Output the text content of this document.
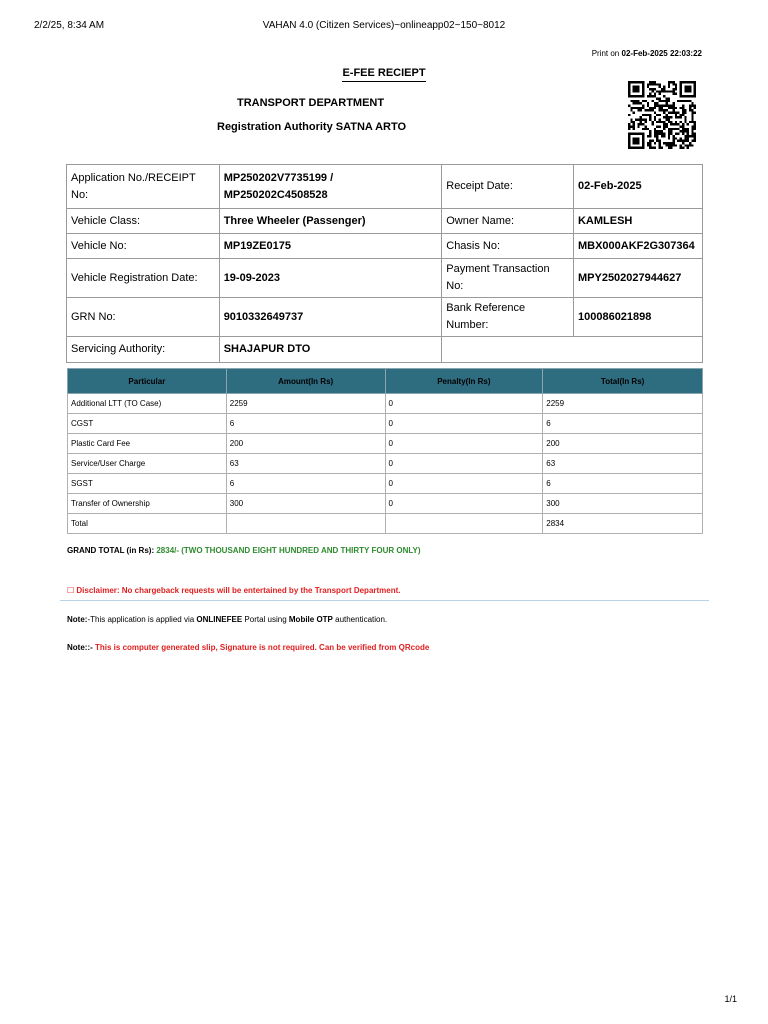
2/2/25, 8:34 AM	VAHAN 4.0 (Citizen Services)~onlineapp02~150~8012
Print on 02-Feb-2025 22:03:22
E-FEE RECIEPT
TRANSPORT DEPARTMENT
Registration Authority SATNA ARTO
Application No./RECEIPT No:	MP250202V7735199 /
MP250202C4508528	Receipt Date:	02-Feb-2025
Vehicle Class:	Three Wheeler (Passenger)	Owner Name:	KAMLESH
Vehicle No:	MP19ZE0175	Chasis No:	MBX000AKF2G307364
Vehicle Registration Date:	19-09-2023	Payment Transaction No:	MPY2502027944627
GRN No:	9010332649737	Bank Reference Number:	100086021898
Servicing Authority:	SHAJAPUR DTO		
Particular	Amount(In Rs)	Penalty(In Rs)	Total(In Rs)
Additional LTT (TO Case)	2259	0	2259
CGST	6	0	6
Plastic Card Fee	200	0	200
Service/User Charge	63	0	63
SGST	6	0	6
Transfer of Ownership	300	0	300
Total			2834
GRAND TOTAL (in Rs): 2834/- (TWO THOUSAND EIGHT HUNDRED AND THIRTY FOUR ONLY)
☐ Disclaimer: No chargeback requests will be entertained by the Transport Department.
Note:-This application is applied via ONLINEFEE Portal using Mobile OTP authentication.
Note::- This is computer generated slip, Signature is not required. Can be verified from QRcode
1/1
